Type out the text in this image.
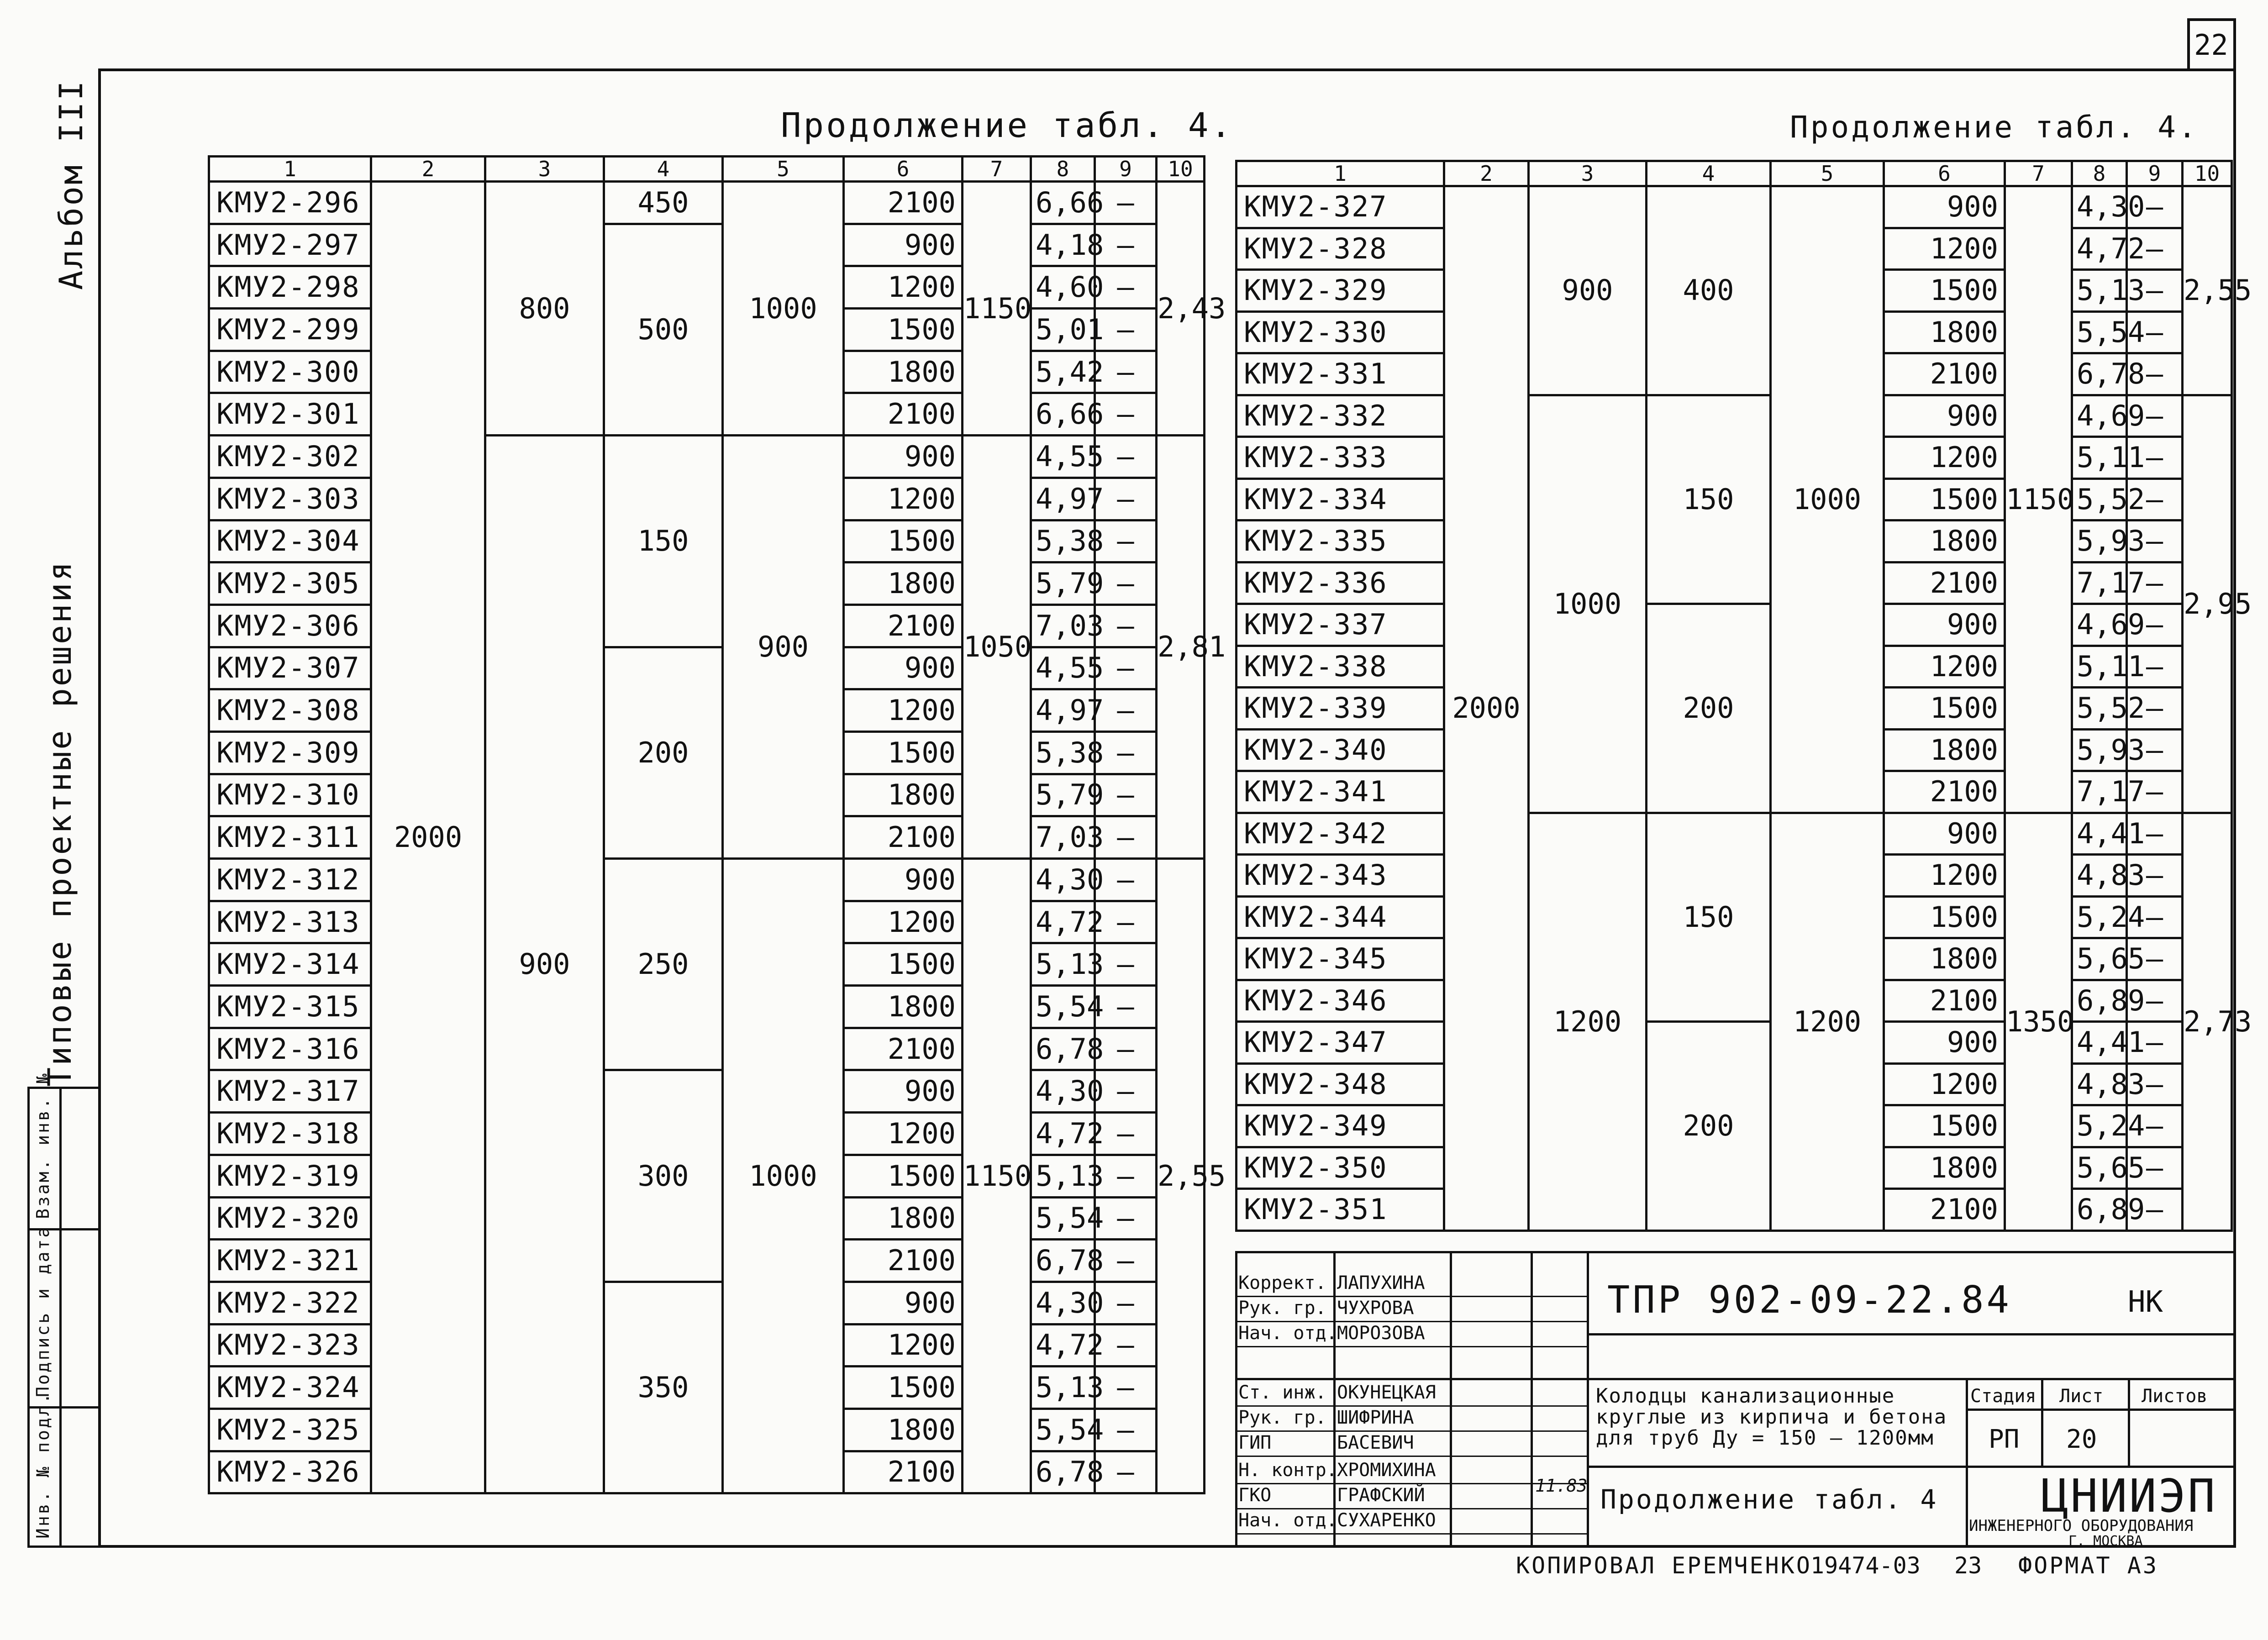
22
Альбом III
Типовые проектные решения
Взам. инв. №
Подпись и дата
Инв. № подл.
Продолжение табл. 4.	Продолжение табл. 4.
1	2	3	4	5	6	7	8	9	10
КМУ2-296	2000	800	450	1000	2100	1150	6,66	—	2,43
КМУ2-297			500		900		4,18	—	
КМУ2-298					1200		4,60	—	
КМУ2-299					1500		5,01	—	
КМУ2-300					1800		5,42	—	
КМУ2-301					2100		6,66	—	
КМУ2-302		900	150	900	900	1050	4,55	—	2,81
КМУ2-303					1200		4,97	—	
КМУ2-304					1500		5,38	—	
КМУ2-305					1800		5,79	—	
КМУ2-306					2100		7,03	—	
КМУ2-307			200		900		4,55	—	
КМУ2-308					1200		4,97	—	
КМУ2-309					1500		5,38	—	
КМУ2-310					1800		5,79	—	
КМУ2-311					2100		7,03	—	
КМУ2-312			250	1000	900	1150	4,30	—	2,55
КМУ2-313					1200		4,72	—	
КМУ2-314					1500		5,13	—	
КМУ2-315					1800		5,54	—	
КМУ2-316					2100		6,78	—	
КМУ2-317			300		900		4,30	—	
КМУ2-318					1200		4,72	—	
КМУ2-319					1500		5,13	—	
КМУ2-320					1800		5,54	—	
КМУ2-321					2100		6,78	—	
КМУ2-322			350		900		4,30	—	
КМУ2-323					1200		4,72	—	
КМУ2-324					1500		5,13	—	
КМУ2-325					1800		5,54	—	
КМУ2-326					2100		6,78	—	
1	2	3	4	5	6	7	8	9	10
КМУ2-327	2000	900	400	1000	900	1150	4,30	—	2,55
КМУ2-328					1200		4,72	—	
КМУ2-329					1500		5,13	—	
КМУ2-330					1800		5,54	—	
КМУ2-331					2100		6,78	—	
КМУ2-332		1000	150		900		4,69	—	2,95
КМУ2-333					1200		5,11	—	
КМУ2-334					1500		5,52	—	
КМУ2-335					1800		5,93	—	
КМУ2-336					2100		7,17	—	
КМУ2-337			200		900		4,69	—	
КМУ2-338					1200		5,11	—	
КМУ2-339					1500		5,52	—	
КМУ2-340					1800		5,93	—	
КМУ2-341					2100		7,17	—	
КМУ2-342		1200	150	1200	900	1350	4,41	—	2,73
КМУ2-343					1200		4,83	—	
КМУ2-344					1500		5,24	—	
КМУ2-345					1800		5,65	—	
КМУ2-346					2100		6,89	—	
КМУ2-347			200		900		4,41	—	
КМУ2-348					1200		4,83	—	
КМУ2-349					1500		5,24	—	
КМУ2-350					1800		5,65	—	
КМУ2-351					2100		6,89	—	
Коррект. ЛАПУХИНА
Рук. гр. ЧУХРОВА
Нач. отд. МОРОЗОВА
Ст. инж. ОКУНЕЦКАЯ
Рук. гр. ШИФРИНА
ГИП	БАСЕВИЧ
Н. контр. ХРОМИХИНА
ГКО	ГРАФСКИЙ
Нач. отд. СУХАРЕНКО
ТПР 902-09-22.84	НК
Колодцы канализационные круглые из кирпича и бетона для труб Ду = 150 – 1200мм
Продолжение табл. 4
Стадия Лист Листов
РП 20
ЦНИИЭП
ИНЖЕНЕРНОГО ОБОРУДОВАНИЯ
Г. МОСКВА
11.83
КОПИРОВАЛ ЕРЕМЧЕНКО
19474-03 23 ФОРМАТ А3
